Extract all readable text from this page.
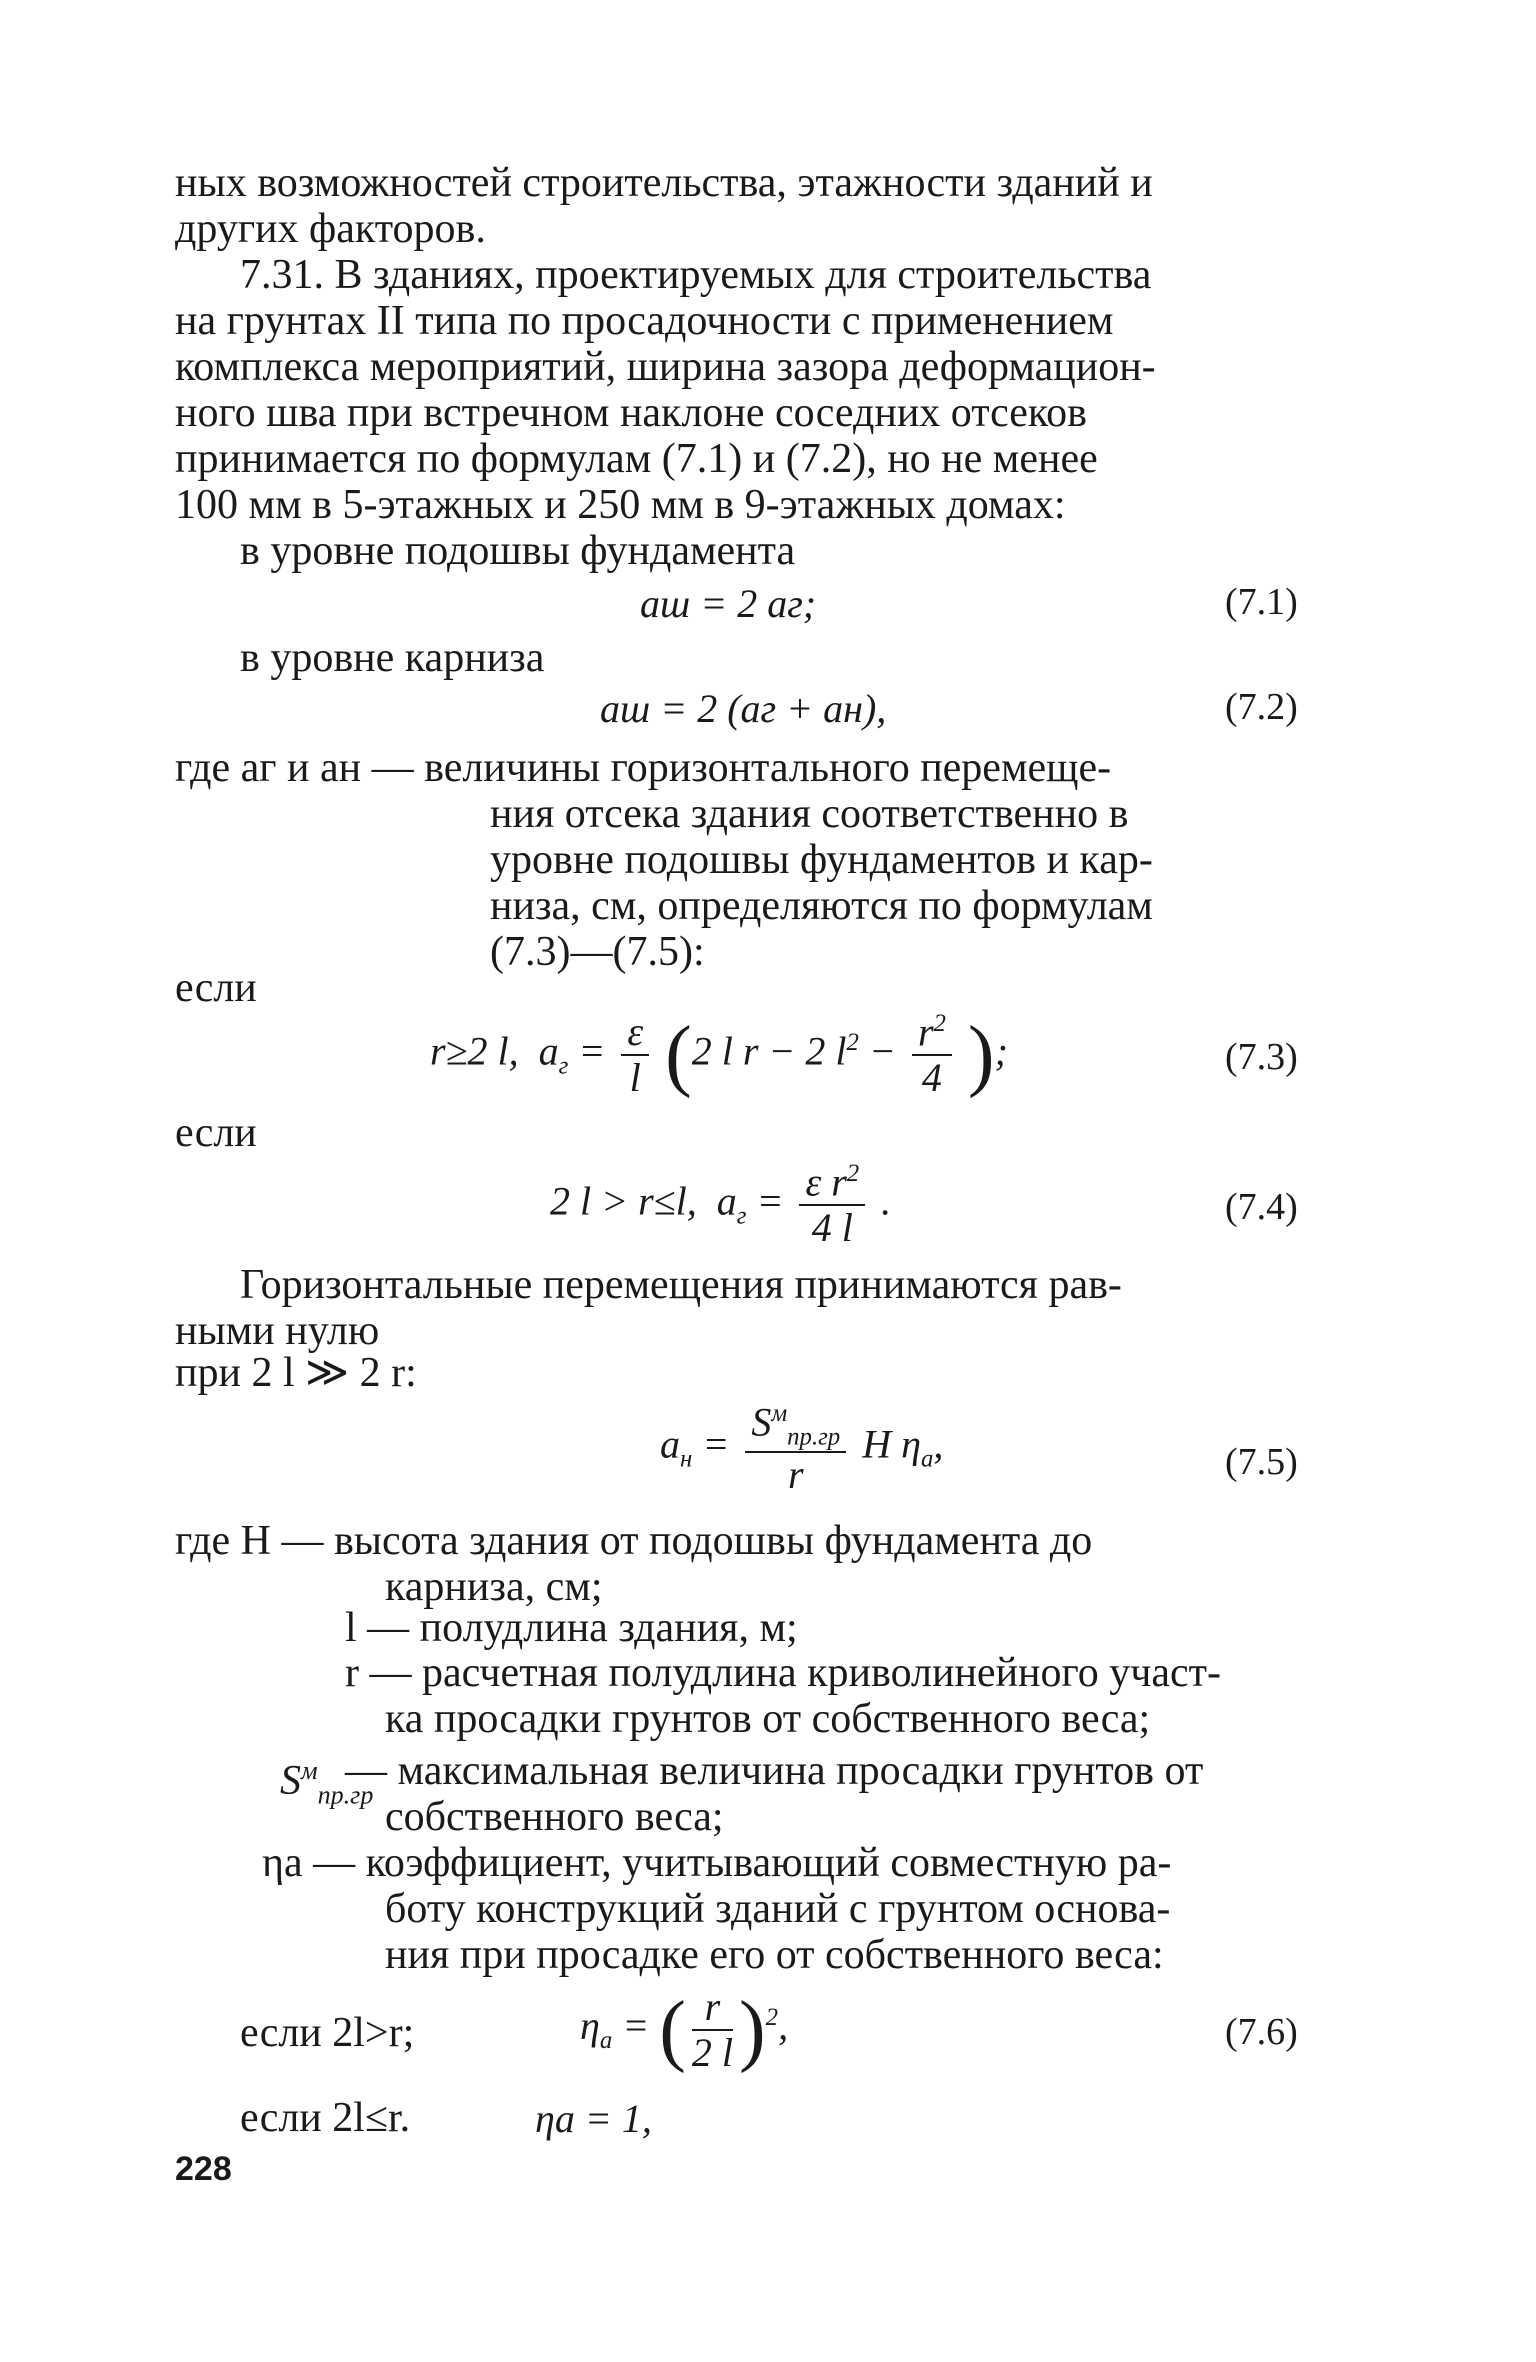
ных возможностей строительства, этажности зданий и
других факторов.
7.31. В зданиях, проектируемых для строительства
на грунтах II типа по просадочности с применением
комплекса мероприятий, ширина зазора деформацион-
ного шва при встречном наклоне соседних отсеков
принимается по формулам (7.1) и (7.2), но не менее
100 мм в 5-этажных и 250 мм в 9-этажных домах:
в уровне подошвы фундамента
aш = 2 aг;	(7.1)
в уровне карниза
aш = 2 (aг + aн),	(7.2)
где aг и aн — величины горизонтального перемеще-
ния отсека здания соответственно в
уровне подошвы фундаментов и кар-
низа, см, определяются по формулам
(7.3)—(7.5):
если
r≥2 l,  $a_г = \frac{\varepsilon}{l} (2$ l r − 2 $l^2 - \frac{r^2}{4}$ );	(7.3)
если
2 l > r≤l,  $a_г = \frac{\varepsilon r^2}{4 l}$ .	(7.4)
Горизонтальные перемещения принимаются рав-
ными нулю
при 2 l ≫ 2 r:
$a_н = \frac{S^м_{пр.гр}}{r}$ H $\eta_a$,	(7.5)
где H — высота здания от подошвы фундамента до
карниза, см;
l — полудлина здания, м;
r — расчетная полудлина криволинейного участ-
ка просадки грунтов от собственного веса;
$S^м_{пр.гр}$
— максимальная величина просадки грунтов от
собственного веса;
ηa — коэффициент, учитывающий совместную ра-
боту конструкций зданий с грунтом основа-
ния при просадке его от собственного веса:
если 2l>r;	$\eta_a$ = ( $\frac{r}{2 l} )^2$,	(7.6)
если 2l≤r.	ηa = 1,
228
